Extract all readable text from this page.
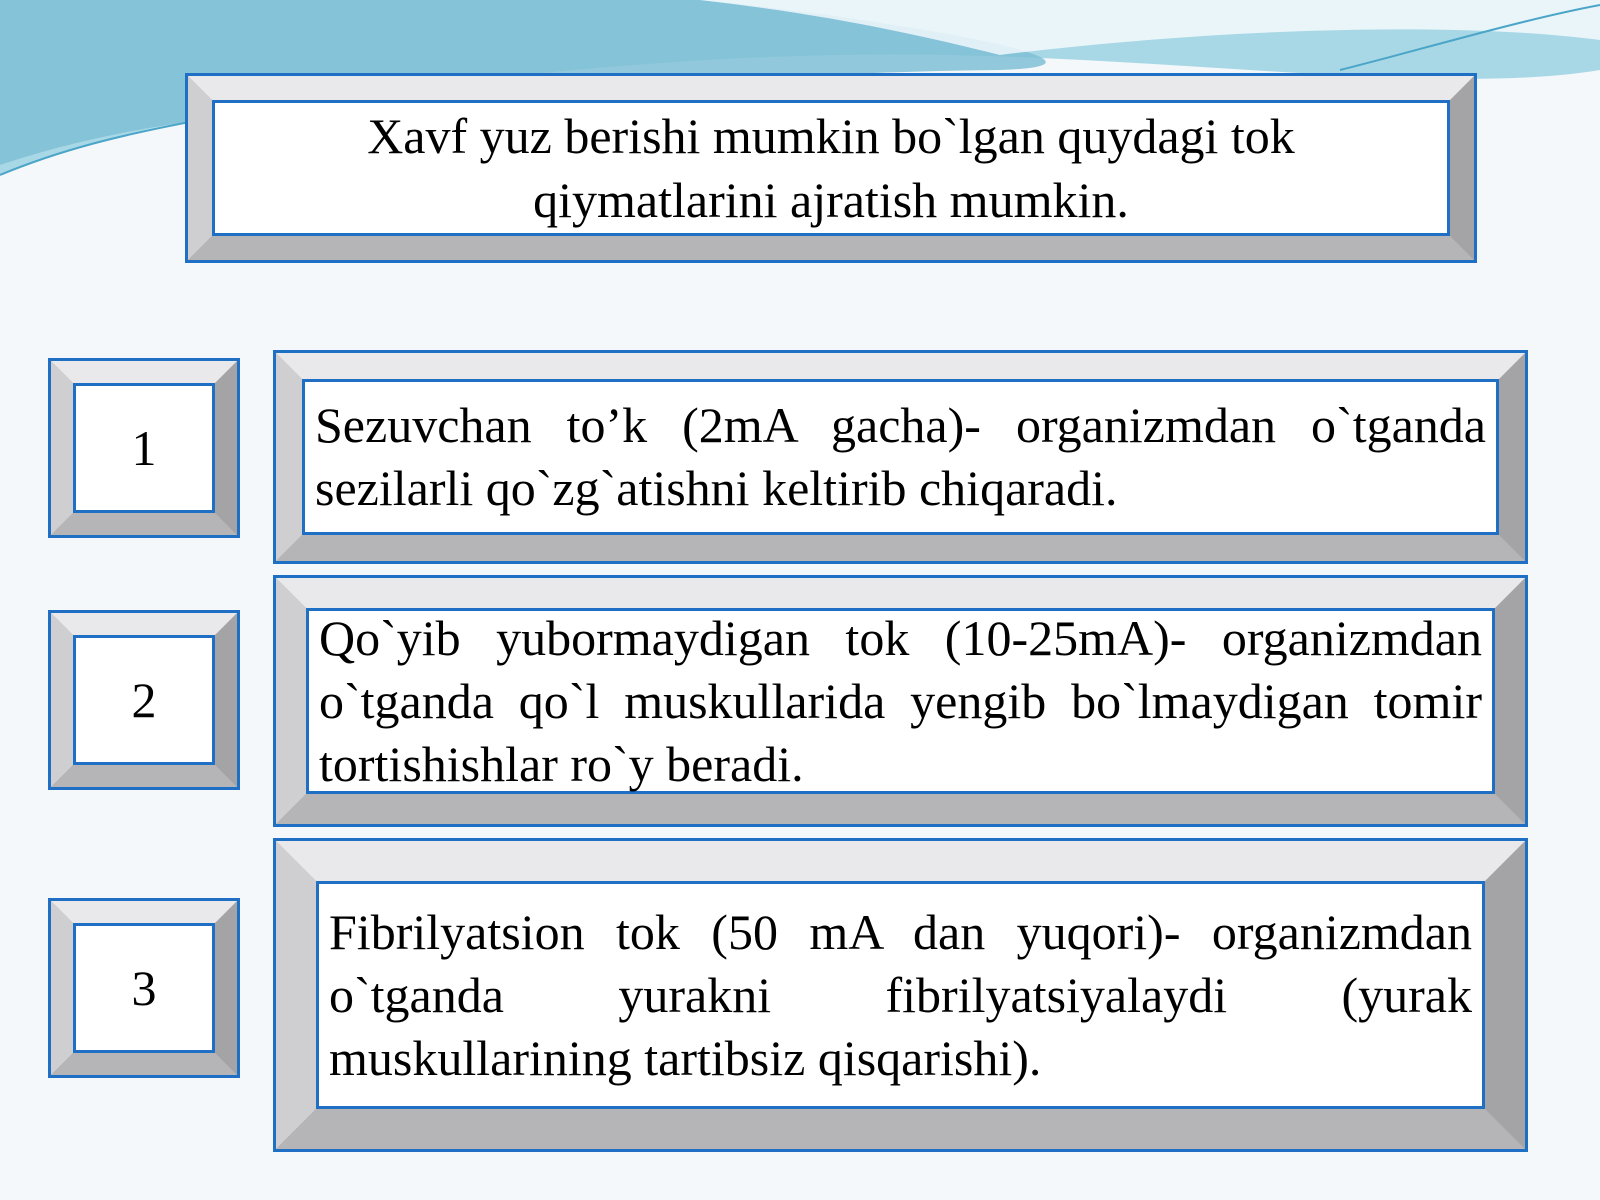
Xavf yuz berishi mumkin bo`lgan quydagi tok qiymatlarini ajratish mumkin.
1	Sezuvchan to’k (2mA gacha)- organizmdan o`tganda sezilarli qo`zg`atishni keltirib chiqaradi.
2
Qo`yib yubormaydigan tok (10-25mA)- organizmdan o`tganda qo`l muskullarida yengib bo`lmaydigan tomir tortishishlar ro`y beradi.
3
Fibrilyatsion tok (50 mA dan yuqori)- organizmdan o`tganda yurakni fibrilyatsiyalaydi (yurak muskullarining tartibsiz qisqarishi).
